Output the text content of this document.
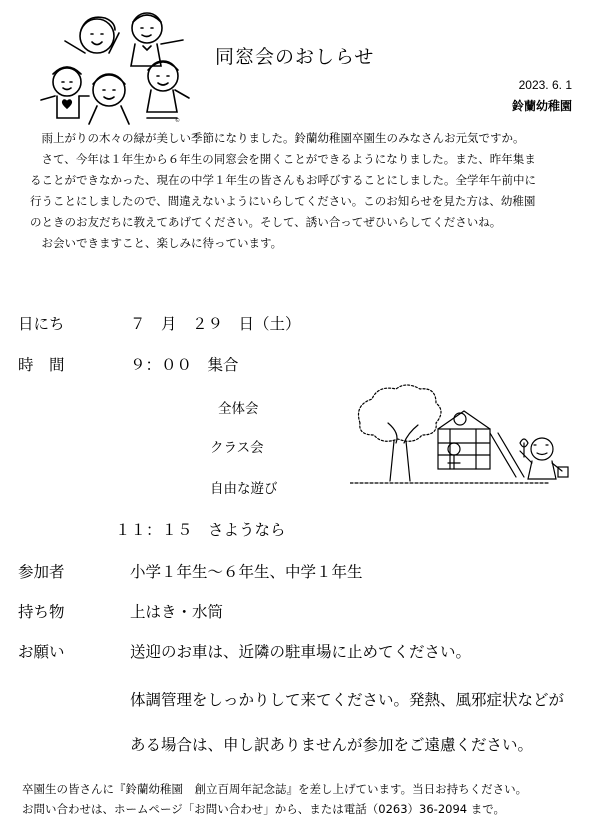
©
同窓会のおしらせ
2023. 6. 1
鈴蘭幼稚園
　雨上がりの木々の緑が美しい季節になりました。鈴蘭幼稚園卒園生のみなさんお元気ですか。
　さて、今年は１年生から６年生の同窓会を開くことができるようになりました。また、昨年集ま
ることができなかった、現在の中学１年生の皆さんもお呼びすることにしました。全学年午前中に
行うことにしましたので、間違えないようにいらしてください。このお知らせを見た方は、幼稚園
のときのお友だちに教えてあげてください。そして、誘い合ってぜひいらしてくださいね。
　お会いできますこと、楽しみに待っています。
日にち	７　月　２９　日（土）
時　間	９：００　集合
全体会
クラス会
自由な遊び
１１：１５　さようなら
参加者	小学１年生～６年生、中学１年生
持ち物	上はき・水筒
お願い	送迎のお車は、近隣の駐車場に止めてください。
体調管理をしっかりして来てください。発熱、風邪症状などが
ある場合は、申し訳ありませんが参加をご遠慮ください。
卒園生の皆さんに『鈴蘭幼稚園　創立百周年記念誌』を差し上げています。当日お持ちください。
お問い合わせは、ホームページ「お問い合わせ」から、または電話（0263）36-2094 まで。
